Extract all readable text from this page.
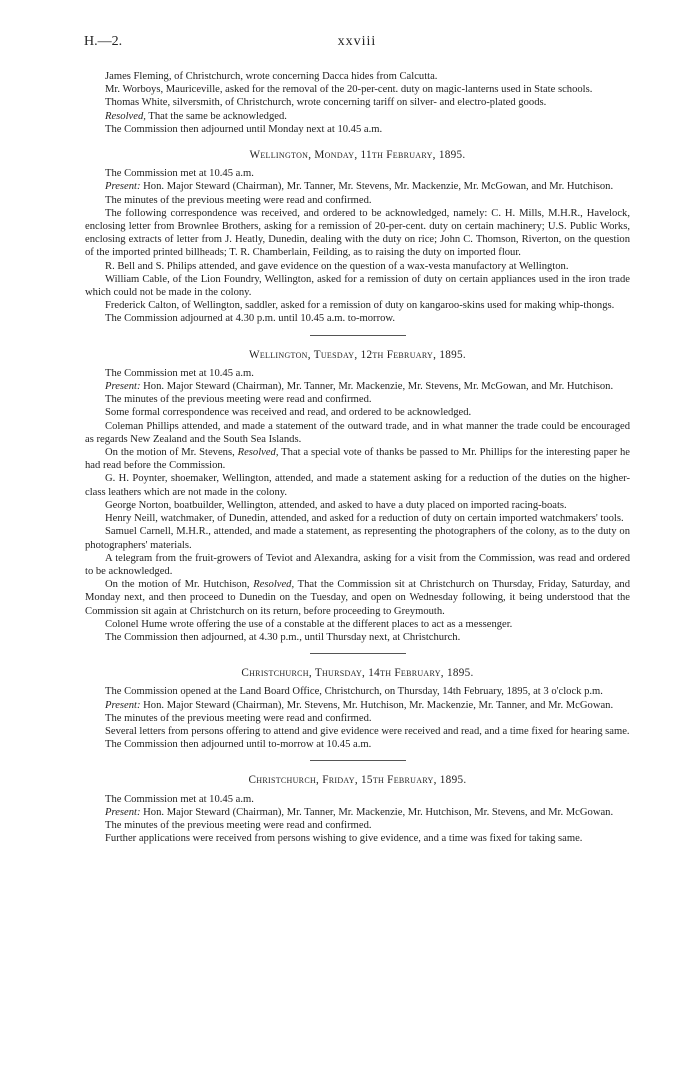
H.—2.	xxviii

James Fleming, of Christchurch, wrote concerning Dacca hides from Calcutta.

Mr. Worboys, Mauriceville, asked for the removal of the 20-per-cent. duty on magic-lanterns used in State schools.

Thomas White, silversmith, of Christchurch, wrote concerning tariff on silver- and electro-plated goods.

Resolved, That the same be acknowledged.

The Commission then adjourned until Monday next at 10.45 a.m.

Wellington, Monday, 11th February, 1895.

The Commission met at 10.45 a.m.

Present: Hon. Major Steward (Chairman), Mr. Tanner, Mr. Stevens, Mr. Mackenzie, Mr. McGowan, and Mr. Hutchison.

The minutes of the previous meeting were read and confirmed.

The following correspondence was received, and ordered to be acknowledged, namely: C. H. Mills, M.H.R., Havelock, enclosing letter from Brownlee Brothers, asking for a remission of 20-per-cent. duty on certain machinery; U.S. Public Works, enclosing extracts of letter from J. Heatly, Dunedin, dealing with the duty on rice; John C. Thomson, Riverton, on the question of the imported printed billheads; T. R. Chamberlain, Feilding, as to raising the duty on imported flour.

R. Bell and S. Philips attended, and gave evidence on the question of a wax-vesta manufactory at Wellington.

William Cable, of the Lion Foundry, Wellington, asked for a remission of duty on certain appliances used in the iron trade which could not be made in the colony.

Frederick Calton, of Wellington, saddler, asked for a remission of duty on kangaroo-skins used for making whip-thongs.

The Commission adjourned at 4.30 p.m. until 10.45 a.m. to-morrow.

Wellington, Tuesday, 12th February, 1895.

The Commission met at 10.45 a.m.

Present: Hon. Major Steward (Chairman), Mr. Tanner, Mr. Mackenzie, Mr. Stevens, Mr. McGowan, and Mr. Hutchison.

The minutes of the previous meeting were read and confirmed.

Some formal correspondence was received and read, and ordered to be acknowledged.

Coleman Phillips attended, and made a statement of the outward trade, and in what manner the trade could be encouraged as regards New Zealand and the South Sea Islands.

On the motion of Mr. Stevens, Resolved, That a special vote of thanks be passed to Mr. Phillips for the interesting paper he had read before the Commission.

G. H. Poynter, shoemaker, Wellington, attended, and made a statement asking for a reduction of the duties on the higher-class leathers which are not made in the colony.

George Norton, boatbuilder, Wellington, attended, and asked to have a duty placed on imported racing-boats.

Henry Neill, watchmaker, of Dunedin, attended, and asked for a reduction of duty on certain imported watchmakers' tools.

Samuel Carnell, M.H.R., attended, and made a statement, as representing the photographers of the colony, as to the duty on photographers' materials.

A telegram from the fruit-growers of Teviot and Alexandra, asking for a visit from the Commission, was read and ordered to be acknowledged.

On the motion of Mr. Hutchison, Resolved, That the Commission sit at Christchurch on Thursday, Friday, Saturday, and Monday next, and then proceed to Dunedin on the Tuesday, and open on Wednesday following, it being understood that the Commission sit again at Christchurch on its return, before proceeding to Greymouth.

Colonel Hume wrote offering the use of a constable at the different places to act as a messenger.

The Commission then adjourned, at 4.30 p.m., until Thursday next, at Christchurch.

Christchurch, Thursday, 14th February, 1895.

The Commission opened at the Land Board Office, Christchurch, on Thursday, 14th February, 1895, at 3 o'clock p.m.

Present: Hon. Major Steward (Chairman), Mr. Stevens, Mr. Hutchison, Mr. Mackenzie, Mr. Tanner, and Mr. McGowan.

The minutes of the previous meeting were read and confirmed.

Several letters from persons offering to attend and give evidence were received and read, and a time fixed for hearing same.

The Commission then adjourned until to-morrow at 10.45 a.m.

Christchurch, Friday, 15th February, 1895.

The Commission met at 10.45 a.m.

Present: Hon. Major Steward (Chairman), Mr. Tanner, Mr. Mackenzie, Mr. Hutchison, Mr. Stevens, and Mr. McGowan.

The minutes of the previous meeting were read and confirmed.

Further applications were received from persons wishing to give evidence, and a time was fixed for taking same.
